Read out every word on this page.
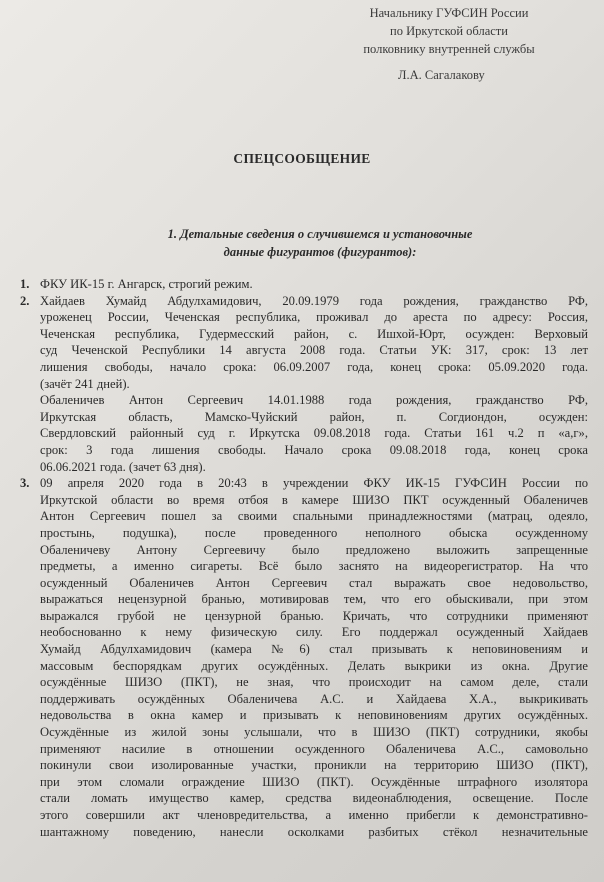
Начальнику ГУФСИН России
по Иркутской области
полковнику внутренней службы
Л.А. Сагалакову
СПЕЦСООБЩЕНИЕ
1. Детальные сведения о случившемся и установочные
данные фигурантов (фигурантов):
1. ФКУ ИК-15 г. Ангарск, строгий режим.
2. Хайдаев Хумайд Абдулхамидович, 20.09.1979 года рождения, гражданство РФ,
уроженец России, Чеченская республика, проживал до ареста по адресу: Россия,
Чеченская республика, Гудермесский район, с. Ишхой-Юрт, осужден: Верховый
суд Чеченской Республики 14 августа 2008 года. Статьи УК: 317, срок: 13 лет
лишения свободы, начало срока: 06.09.2007 года, конец срока: 05.09.2020 года.
(зачёт 241 дней).
Обаленичев Антон Сергеевич 14.01.1988 года рождения, гражданство РФ,
Иркутская область, Мамско-Чуйский район, п. Согдиондон, осужден:
Свердловский районный суд г. Иркутска 09.08.2018 года. Статьи 161 ч.2 п «а,г»,
срок: 3 года лишения свободы. Начало срока 09.08.2018 года, конец срока
06.06.2021 года. (зачет 63 дня).
3. 09 апреля 2020 года в 20:43 в учреждении ФКУ ИК-15 ГУФСИН России по
Иркутской области во время отбоя в камере ШИЗО ПКТ осужденный Обаленичев
Антон Сергеевич пошел за своими спальными принадлежностями (матрац, одеяло,
простынь, подушка), после проведенного неполного обыска осужденному
Обаленичеву Антону Сергеевичу было предложено выложить запрещенные
предметы, а именно сигареты. Всё было заснято на видеорегистратор. На что
осужденный Обаленичев Антон Сергеевич стал выражать свое недовольство,
выражаться нецензурной бранью, мотивировав тем, что его обыскивали, при этом
выражался грубой не цензурной бранью. Кричать, что сотрудники применяют
необоснованно к нему физическую силу. Его поддержал осужденный Хайдаев
Хумайд Абдулхамидович (камера №6) стал призывать к неповиновениям и
массовым беспорядкам других осуждённых. Делать выкрики из окна. Другие
осуждённые ШИЗО (ПКТ), не зная, что происходит на самом деле, стали
поддерживать осуждённых Обаленичева А.С. и Хайдаева Х.А., выкрикивать
недовольства в окна камер и призывать к неповиновениям других осуждённых.
Осуждённые из жилой зоны услышали, что в ШИЗО (ПКТ) сотрудники, якобы
применяют насилие в отношении осужденного Обаленичева А.С., самовольно
покинули свои изолированные участки, проникли на территорию ШИЗО (ПКТ),
при этом сломали ограждение ШИЗО (ПКТ). Осуждённые штрафного изолятора
стали ломать имущество камер, средства видеонаблюдения, освещение. После
этого совершили акт членовредительства, а именно прибегли к демонстративно-
шантажному поведению, нанесли осколками разбитых стёкол незначительные
